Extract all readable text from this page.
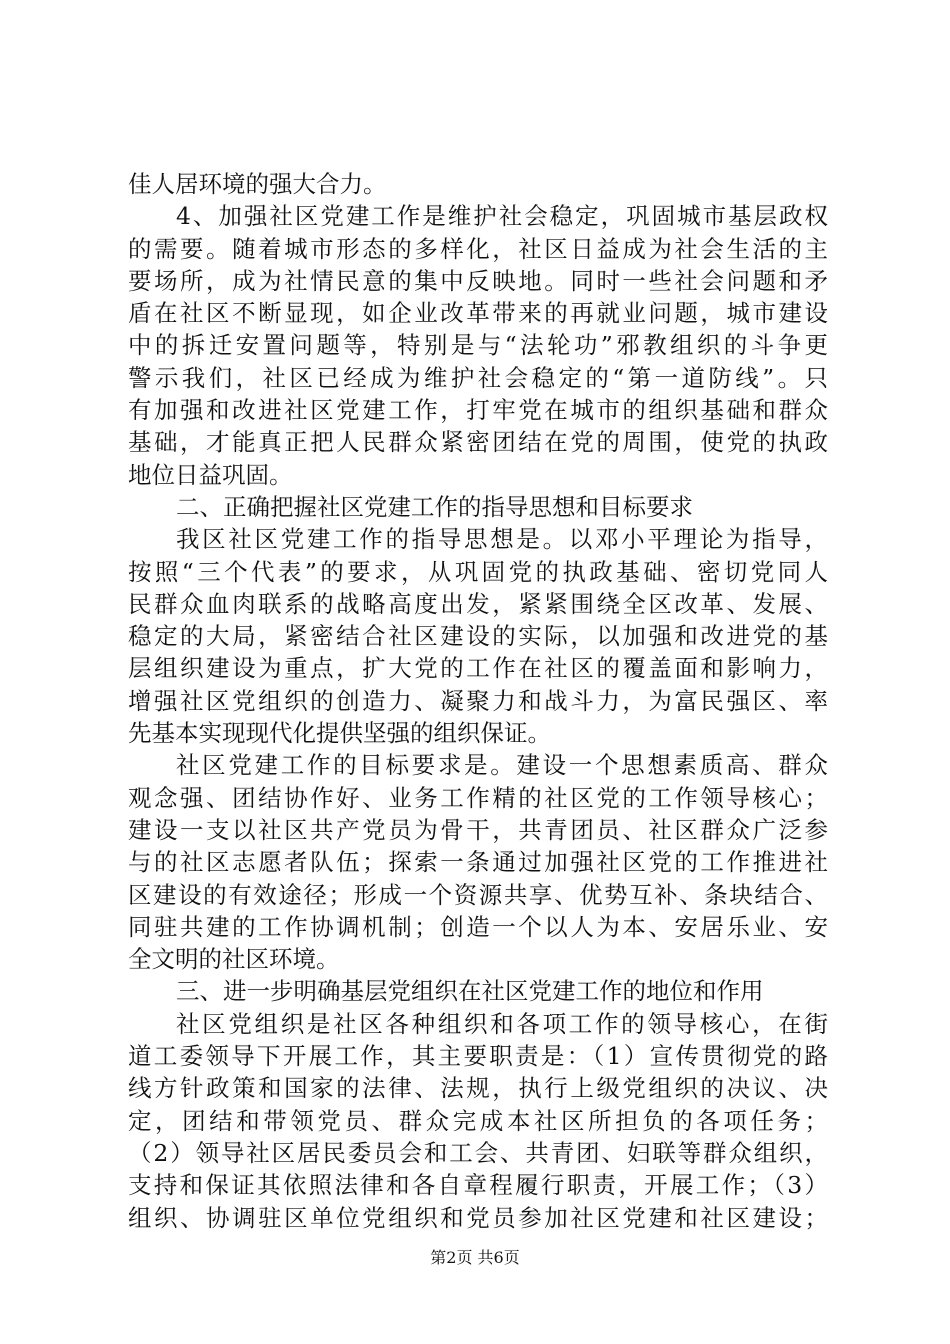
佳人居环境的强大合力。
4、加强社区党建工作是维护社会稳定，巩固城市基层政权
的需要。随着城市形态的多样化，社区日益成为社会生活的主
要场所，成为社情民意的集中反映地。同时一些社会问题和矛
盾在社区不断显现，如企业改革带来的再就业问题，城市建设
中的拆迁安置问题等，特别是与“法轮功”邪教组织的斗争更
警示我们，社区已经成为维护社会稳定的“第一道防线”。只
有加强和改进社区党建工作，打牢党在城市的组织基础和群众
基础，才能真正把人民群众紧密团结在党的周围，使党的执政
地位日益巩固。
二、正确把握社区党建工作的指导思想和目标要求
我区社区党建工作的指导思想是。以邓小平理论为指导，
按照“三个代表”的要求，从巩固党的执政基础、密切党同人
民群众血肉联系的战略高度出发，紧紧围绕全区改革、发展、
稳定的大局，紧密结合社区建设的实际，以加强和改进党的基
层组织建设为重点，扩大党的工作在社区的覆盖面和影响力，
增强社区党组织的创造力、凝聚力和战斗力，为富民强区、率
先基本实现现代化提供坚强的组织保证。
社区党建工作的目标要求是。建设一个思想素质高、群众
观念强、团结协作好、业务工作精的社区党的工作领导核心；
建设一支以社区共产党员为骨干，共青团员、社区群众广泛参
与的社区志愿者队伍；探索一条通过加强社区党的工作推进社
区建设的有效途径；形成一个资源共享、优势互补、条块结合、
同驻共建的工作协调机制；创造一个以人为本、安居乐业、安
全文明的社区环境。
三、进一步明确基层党组织在社区党建工作的地位和作用
社区党组织是社区各种组织和各项工作的领导核心，在街
道工委领导下开展工作，其主要职责是：（1）宣传贯彻党的路
线方针政策和国家的法律、法规，执行上级党组织的决议、决
定，团结和带领党员、群众完成本社区所担负的各项任务；
（2）领导社区居民委员会和工会、共青团、妇联等群众组织，
支持和保证其依照法律和各自章程履行职责，开展工作；（3）
组织、协调驻区单位党组织和党员参加社区党建和社区建设；
第2页 共6页
